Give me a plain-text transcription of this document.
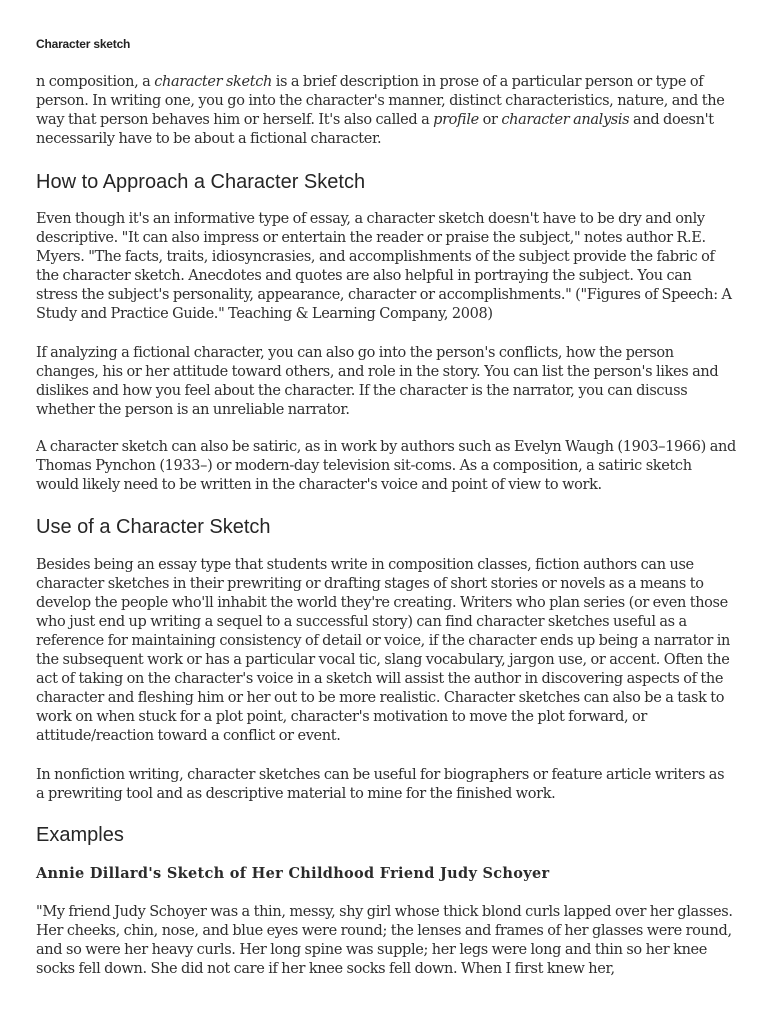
Character sketch

n composition, a character sketch is a brief description in prose of a particular person or type of person. In writing one, you go into the character's manner, distinct characteristics, nature, and the way that person behaves him or herself. It's also called a profile or character analysis and doesn't necessarily have to be about a fictional character.

How to Approach a Character Sketch

Even though it's an informative type of essay, a character sketch doesn't have to be dry and only descriptive. "It can also impress or entertain the reader or praise the subject," notes author R.E. Myers. "The facts, traits, idiosyncrasies, and accomplishments of the subject provide the fabric of the character sketch. Anecdotes and quotes are also helpful in portraying the subject. You can stress the subject's personality, appearance, character or accomplishments." ("Figures of Speech: A Study and Practice Guide." Teaching & Learning Company, 2008)

If analyzing a fictional character, you can also go into the person's conflicts, how the person changes, his or her attitude toward others, and role in the story. You can list the person's likes and dislikes and how you feel about the character. If the character is the narrator, you can discuss whether the person is an unreliable narrator.

A character sketch can also be satiric, as in work by authors such as Evelyn Waugh (1903–1966) and Thomas Pynchon (1933–) or modern-day television sit-coms. As a composition, a satiric sketch would likely need to be written in the character's voice and point of view to work.

Use of a Character Sketch

Besides being an essay type that students write in composition classes, fiction authors can use character sketches in their prewriting or drafting stages of short stories or novels as a means to develop the people who'll inhabit the world they're creating. Writers who plan series (or even those who just end up writing a sequel to a successful story) can find character sketches useful as a reference for maintaining consistency of detail or voice, if the character ends up being a narrator in the subsequent work or has a particular vocal tic, slang vocabulary, jargon use, or accent. Often the act of taking on the character's voice in a sketch will assist the author in discovering aspects of the character and fleshing him or her out to be more realistic. Character sketches can also be a task to work on when stuck for a plot point, character's motivation to move the plot forward, or attitude/reaction toward a conflict or event.

In nonfiction writing, character sketches can be useful for biographers or feature article writers as a prewriting tool and as descriptive material to mine for the finished work.

Examples
Annie Dillard's Sketch of Her Childhood Friend Judy Schoyer

"My friend Judy Schoyer was a thin, messy, shy girl whose thick blond curls lapped over her glasses. Her cheeks, chin, nose, and blue eyes were round; the lenses and frames of her glasses were round, and so were her heavy curls. Her long spine was supple; her legs were long and thin so her knee socks fell down. She did not care if her knee socks fell down. When I first knew her,
